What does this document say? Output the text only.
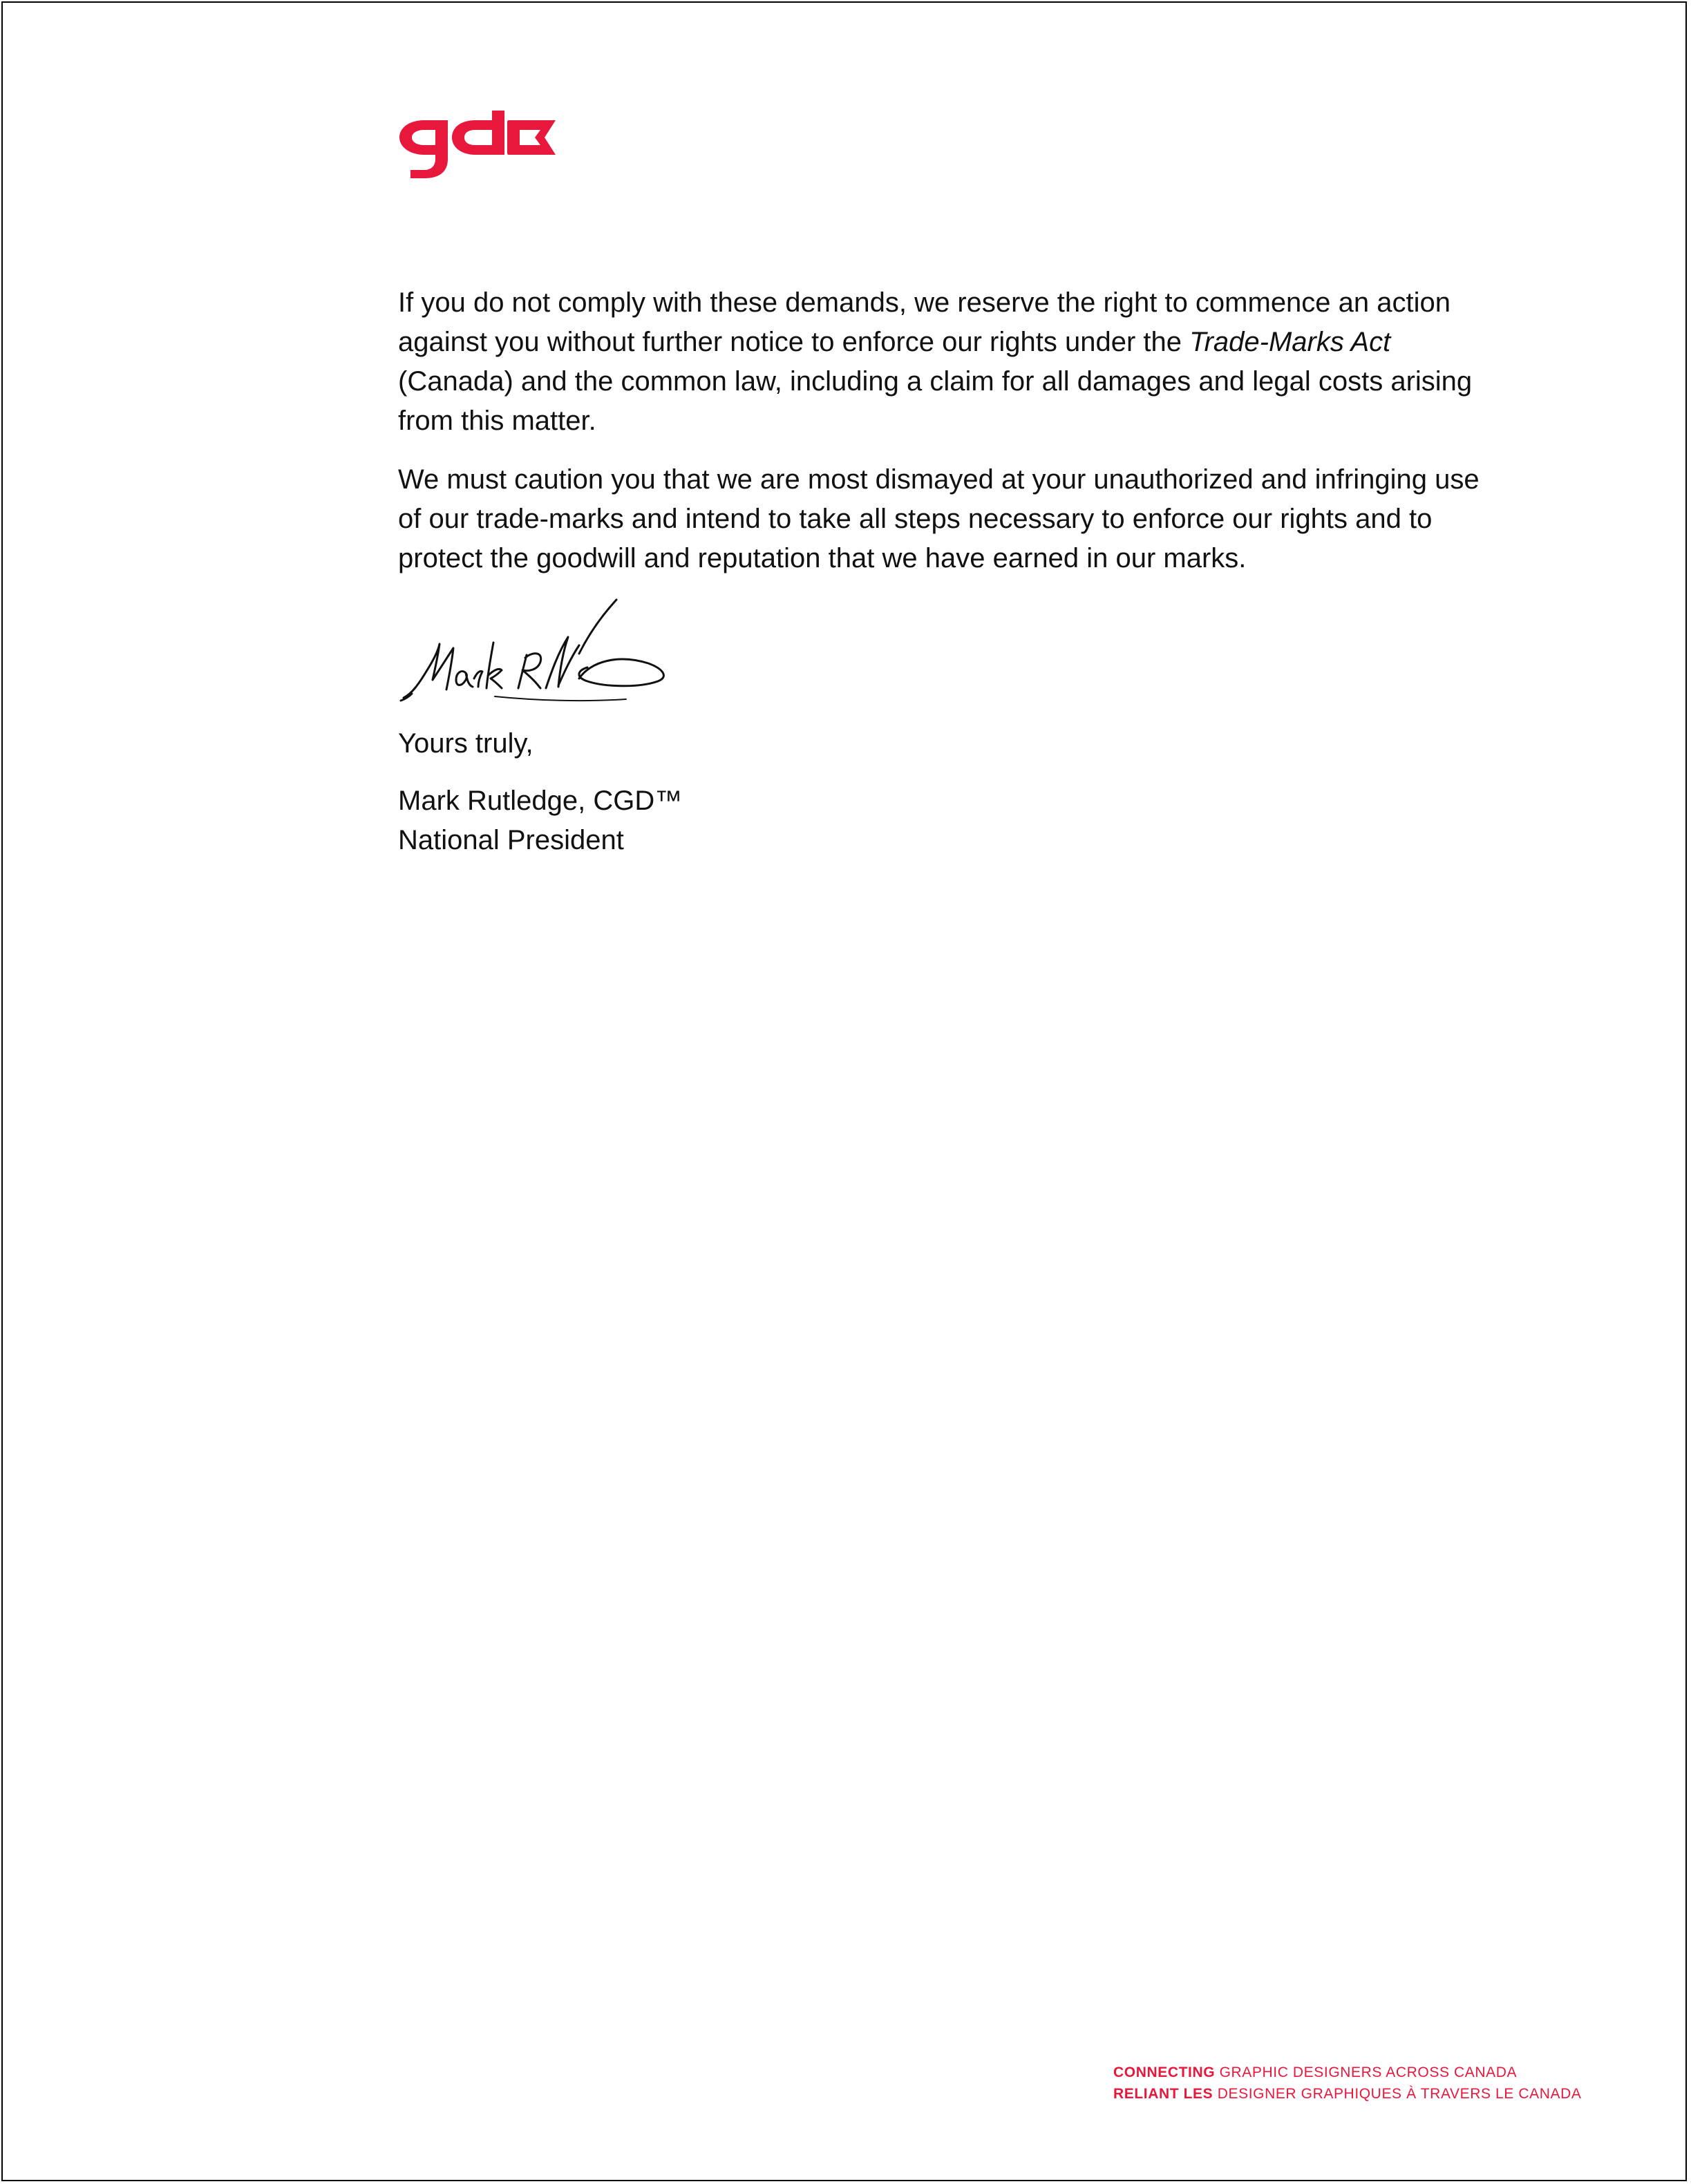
If you do not comply with these demands, we reserve the right to commence an action against you without further notice to enforce our rights under the Trade-Marks Act (Canada) and the common law, including a claim for all damages and legal costs arising from this matter.

We must caution you that we are most dismayed at your unauthorized and infringing use of our trade-marks and intend to take all steps necessary to enforce our rights and to protect the goodwill and reputation that we have earned in our marks.

Yours truly,
Mark Rutledge, CGD™
National President
CONNECTING GRAPHIC DESIGNERS ACROSS CANADA
RELIANT LES DESIGNER GRAPHIQUES À TRAVERS LE CANADA
